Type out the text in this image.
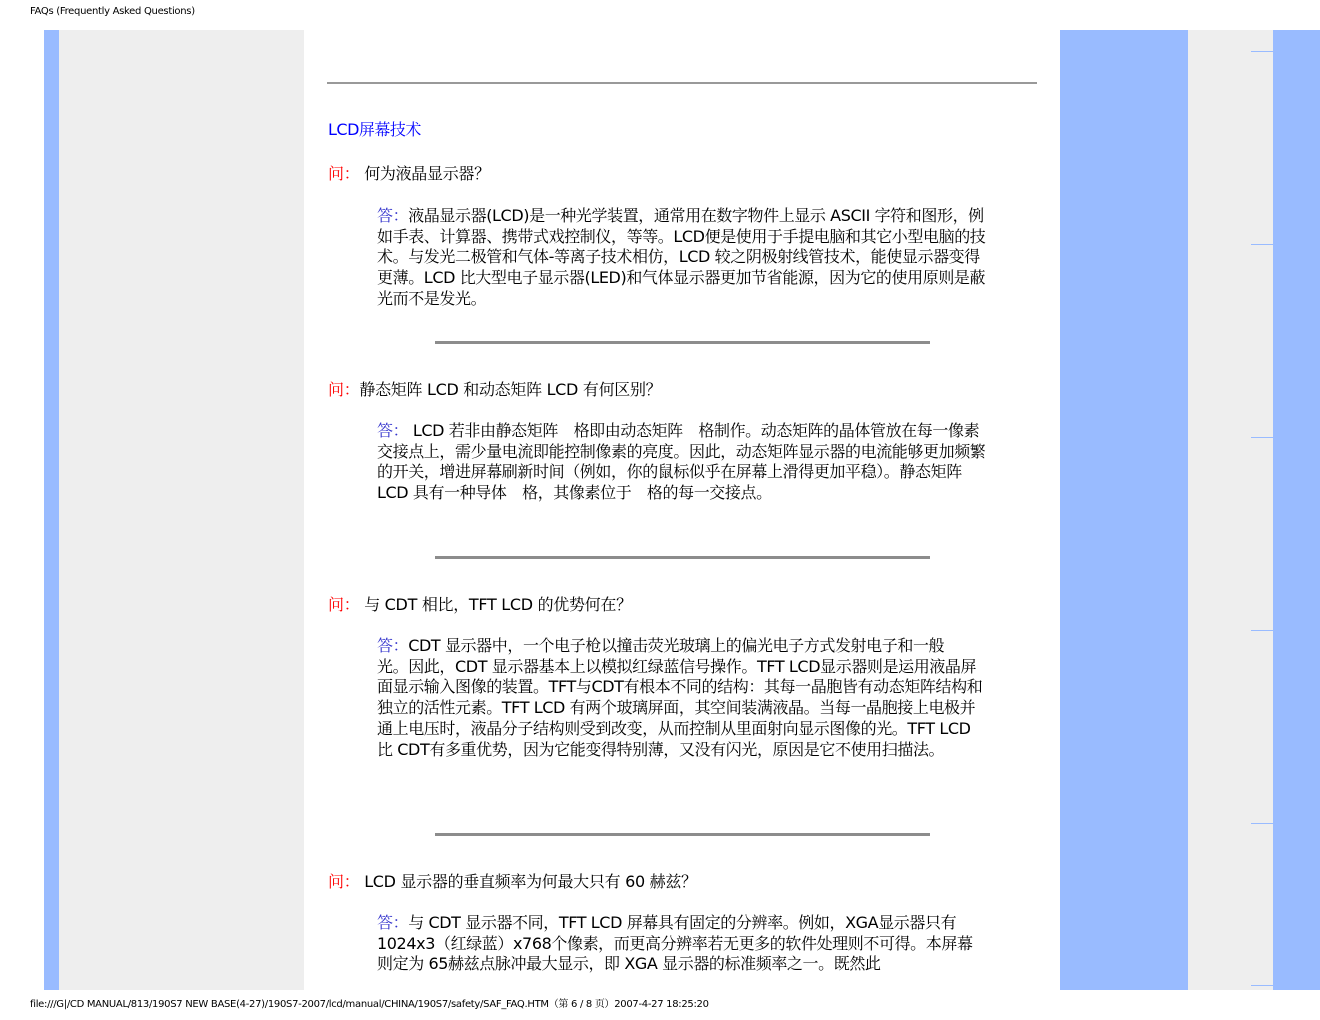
FAQs (Frequently Asked Questions)
LCD屏幕技术
问： 何为液晶显示器？
答：液晶显示器(LCD)是一种光学装置，通常用在数字物件上显示 ASCII 字符和图形，例如手表、计算器、携带式戏控制仪，等等。LCD便是使用于手提电脑和其它小型电脑的技术。与发光二极管和气体-等离子技术相仿，LCD 较之阴极射线管技术，能使显示器变得更薄。LCD 比大型电子显示器(LED)和气体显示器更加节省能源，因为它的使用原则是蔽光而不是发光。
问：静态矩阵 LCD 和动态矩阵 LCD 有何区别？
答： LCD 若非由静态矩阵　格即由动态矩阵　格制作。动态矩阵的晶体管放在每一像素交接点上，需少量电流即能控制像素的亮度。因此，动态矩阵显示器的电流能够更加频繁的开关，增进屏幕刷新时间（例如，你的鼠标似乎在屏幕上滑得更加平稳）。静态矩阵 LCD 具有一种导体　格，其像素位于　格的每一交接点。
问： 与 CDT 相比，TFT LCD 的优势何在？
答：CDT 显示器中，一个电子枪以撞击荧光玻璃上的偏光电子方式发射电子和一般
光。因此，CDT 显示器基本上以模拟红绿蓝信号操作。TFT LCD显示器则是运用液晶屏面显示输入图像的装置。TFT与CDT有根本不同的结构：其每一晶胞皆有动态矩阵结构和独立的活性元素。TFT LCD 有两个玻璃屏面，其空间装满液晶。当每一晶胞接上电极并通上电压时，液晶分子结构则受到改变，从而控制从里面射向显示图像的光。TFT LCD 比 CDT有多重优势，因为它能变得特别薄，又没有闪光，原因是它不使用扫描法。
问： LCD 显示器的垂直频率为何最大只有 60 赫兹？
答：与 CDT 显示器不同，TFT LCD 屏幕具有固定的分辨率。例如，XGA显示器只有1024x3（红绿蓝）x768个像素，而更高分辨率若无更多的软件处理则不可得。本屏幕则定为 65赫兹点脉冲最大显示，即 XGA 显示器的标准频率之一。既然此
file:///G|/CD MANUAL/813/190S7 NEW BASE(4-27)/190S7-2007/lcd/manual/CHINA/190S7/safety/SAF_FAQ.HTM（第 6 / 8 页）2007-4-27 18:25:20
